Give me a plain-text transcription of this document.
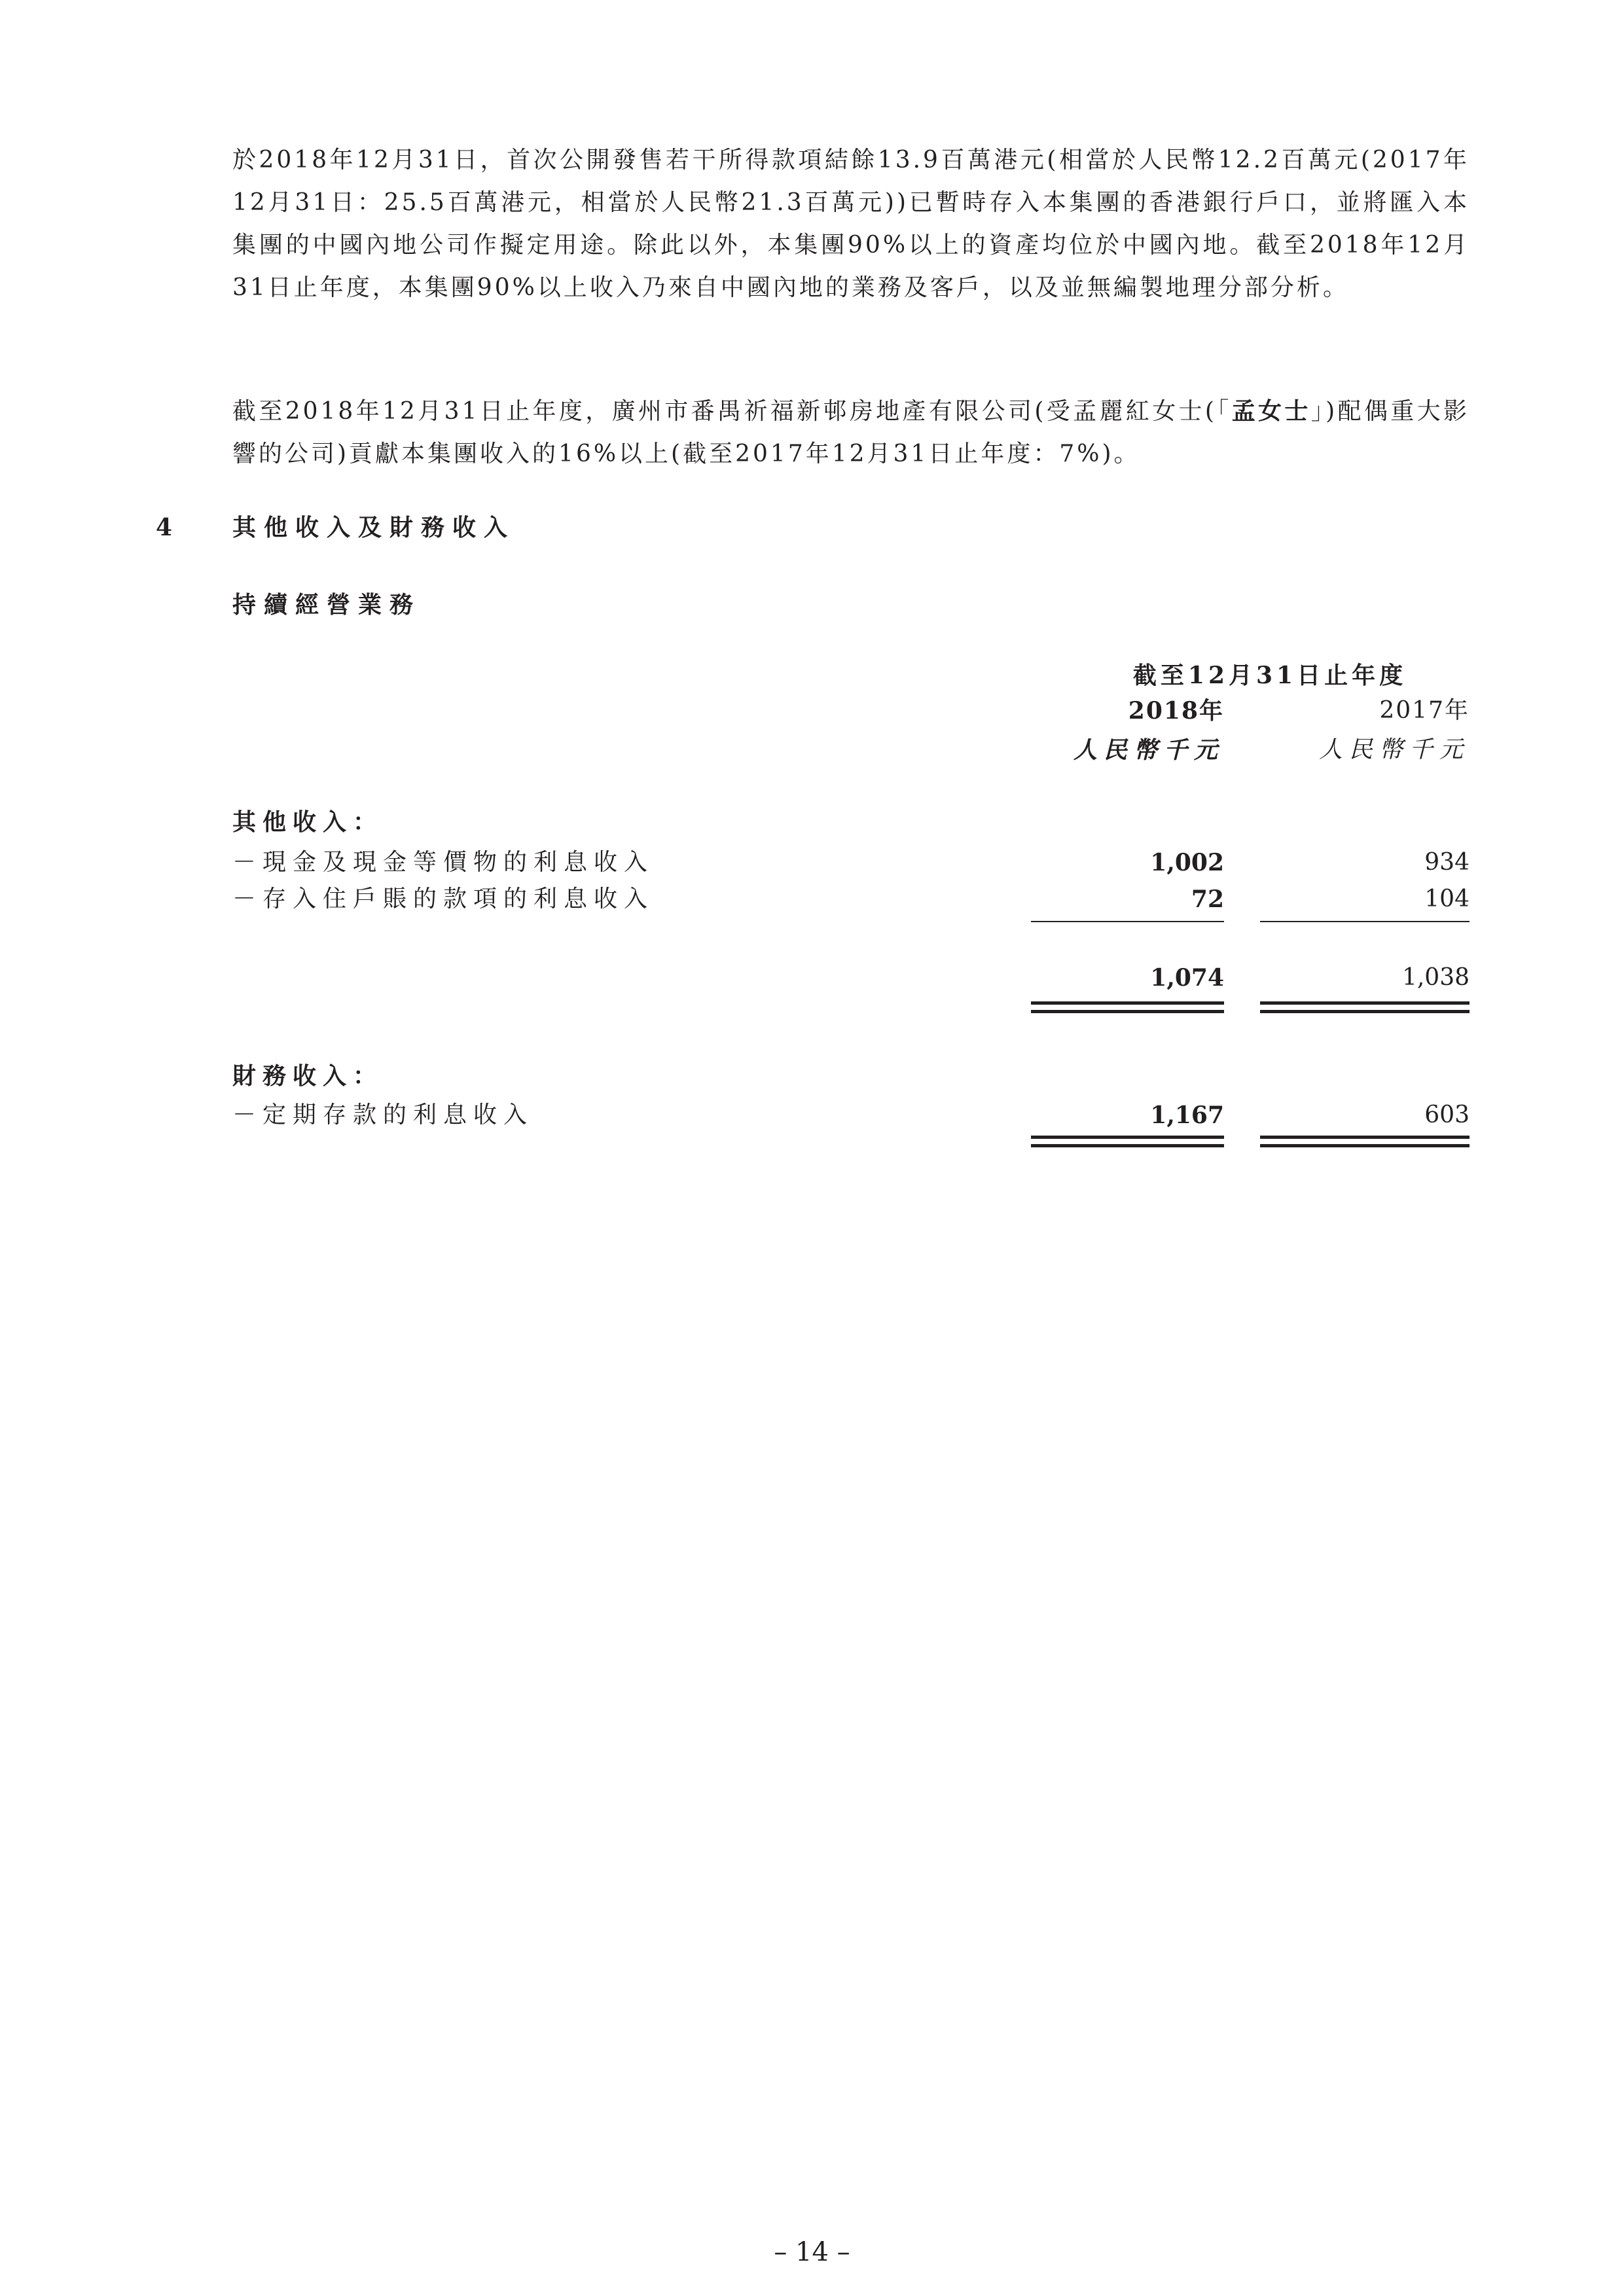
於2018年12月31日，首次公開發售若干所得款項結餘13.9百萬港元(相當於人民幣12.2百萬元(2017年12月31日：25.5百萬港元，相當於人民幣21.3百萬元))已暫時存入本集團的香港銀行戶口，並將匯入本集團的中國內地公司作擬定用途。除此以外，本集團90%以上的資產均位於中國內地。截至2018年12月31日止年度，本集團90%以上收入乃來自中國內地的業務及客戶，以及並無編製地理分部分析。

截至2018年12月31日止年度，廣州市番禺祈福新邨房地產有限公司(受孟麗紅女士(「孟女士」)配偶重大影響的公司)貢獻本集團收入的16%以上(截至2017年12月31日止年度：7%)。

4 其他收入及財務收入
持續經營業務
截至12月31日止年度
2018年	2017年
人民幣千元	人民幣千元
其他收入：
－現金及現金等價物的利息收入	1,002	934
－存入住戶賬的款項的利息收入	72	104
1,074	1,038
財務收入：
－定期存款的利息收入	1,167	603
– 14 –
